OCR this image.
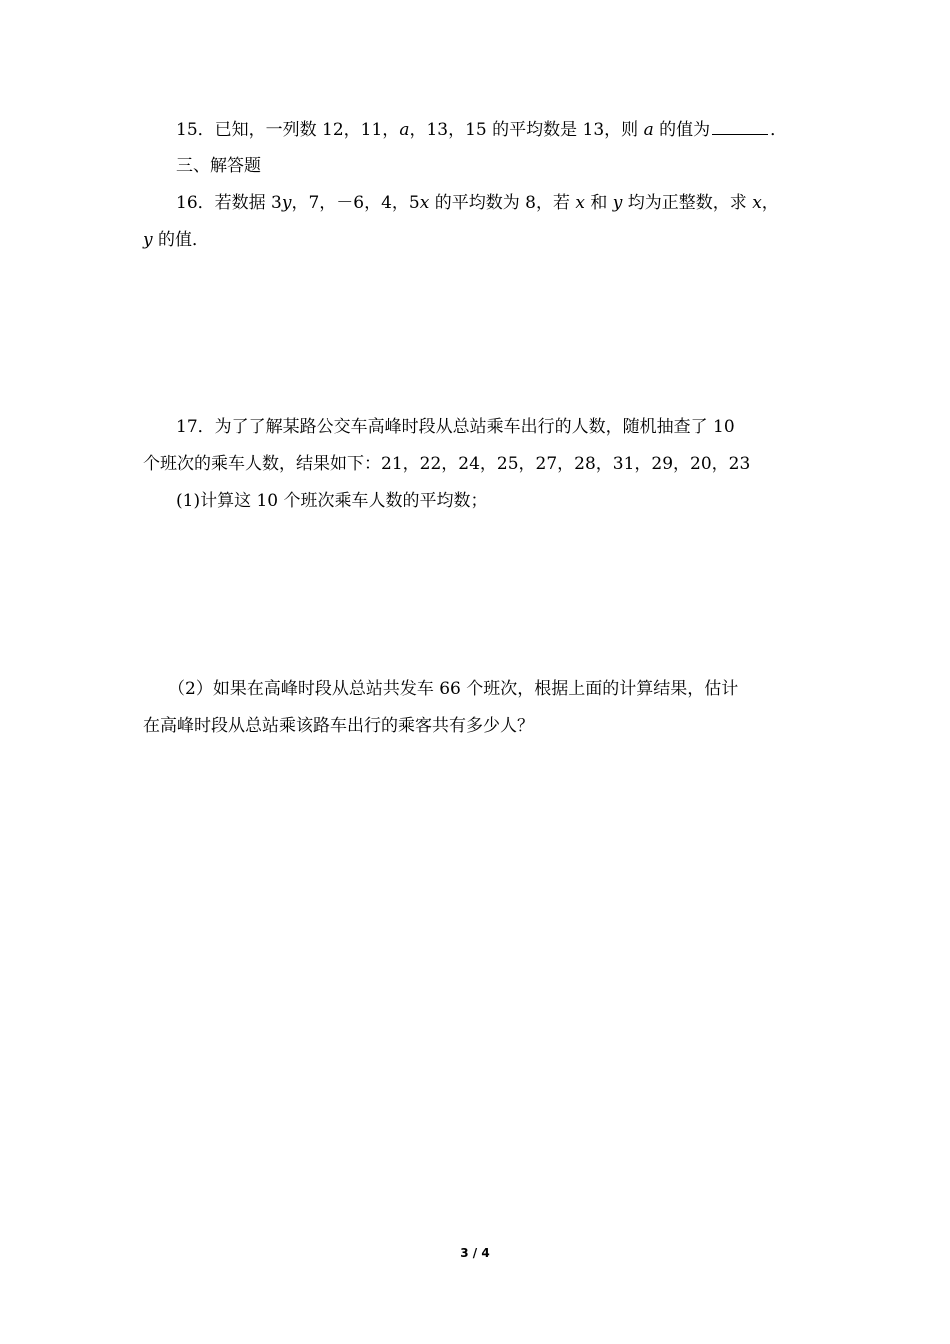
15．已知，一列数 12，11，a，13，15 的平均数是 13，则 a 的值为	．
三、解答题
16．若数据 3y，7，－6，4，5x 的平均数为 8，若 x 和 y 均为正整数，求 x，
y 的值．
17．为了了解某路公交车高峰时段从总站乘车出行的人数，随机抽查了 10
个班次的乘车人数，结果如下：21，22，24，25，27，28，31，29，20，23
(1)计算这 10 个班次乘车人数的平均数；
（2）如果在高峰时段从总站共发车 66 个班次，根据上面的计算结果，估计
在高峰时段从总站乘该路车出行的乘客共有多少人？
3 / 4
